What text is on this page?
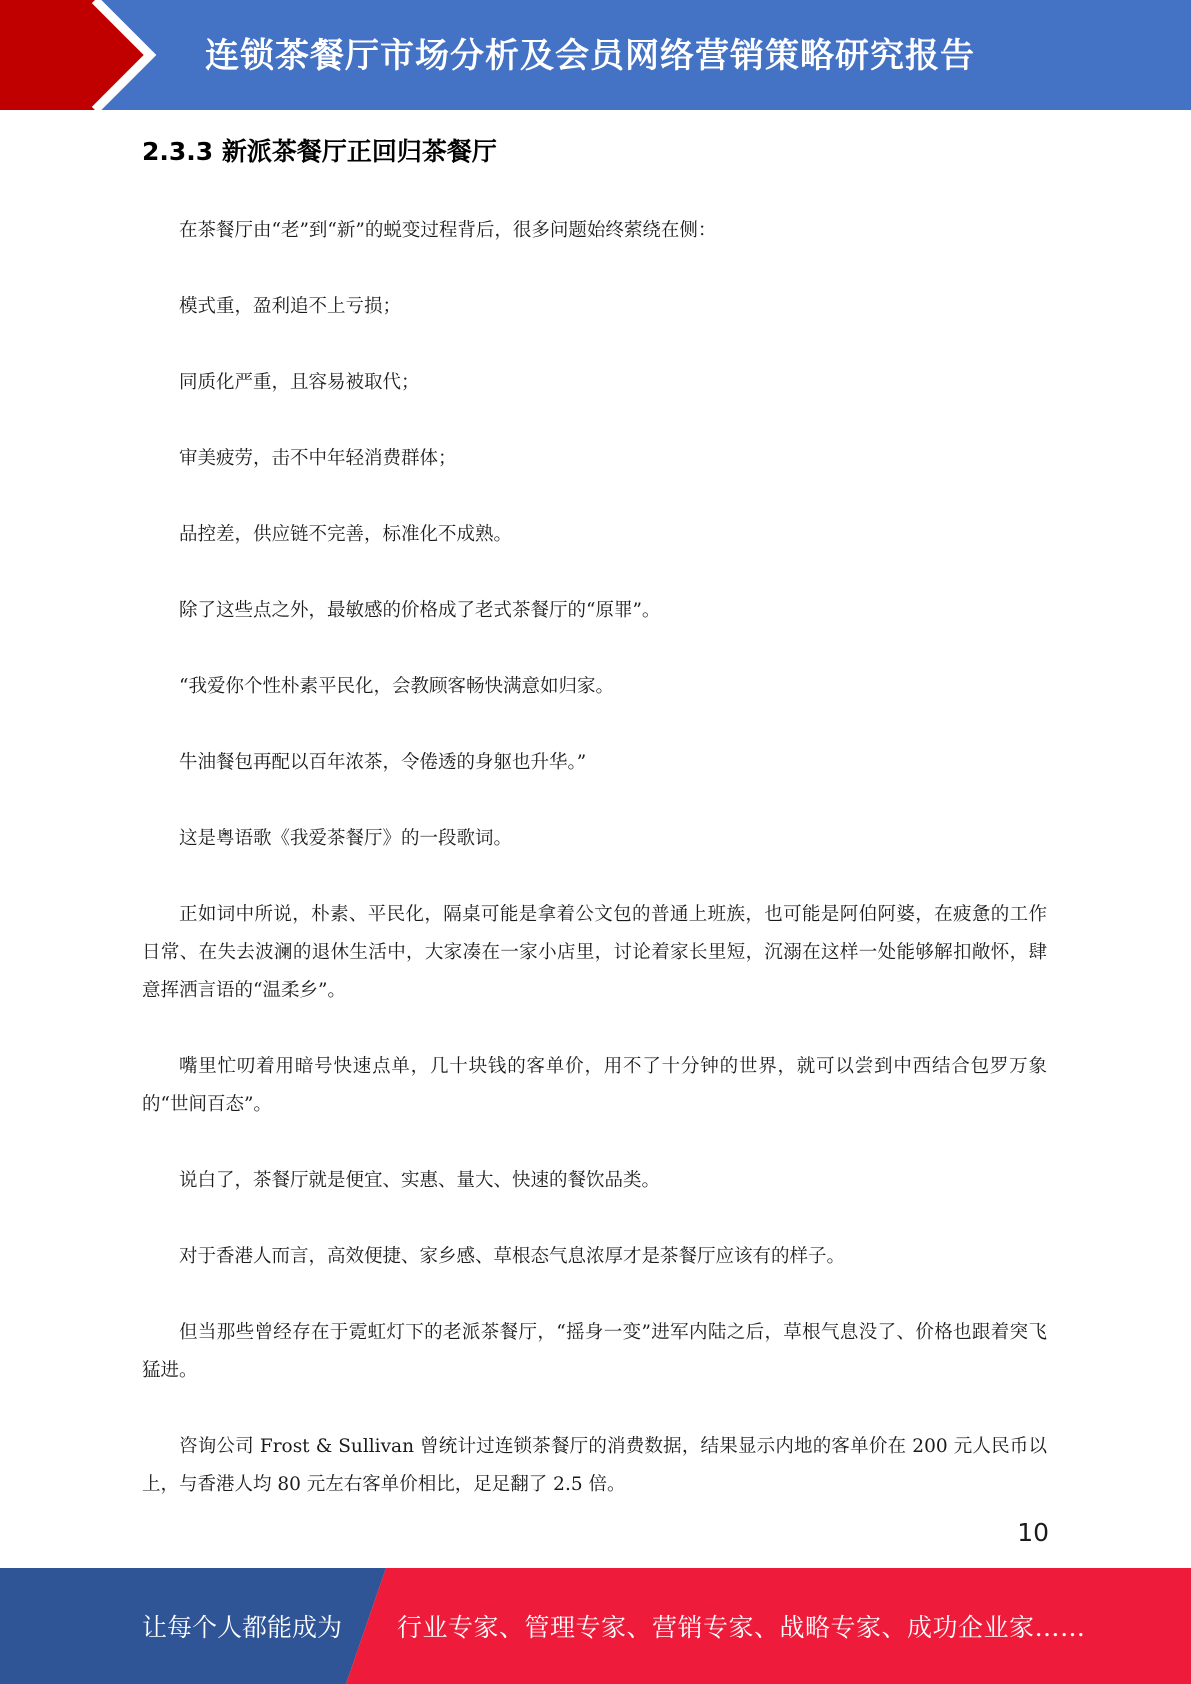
连锁茶餐厅市场分析及会员网络营销策略研究报告
2.3.3 新派茶餐厅正回归茶餐厅

在茶餐厅由“老”到“新”的蜕变过程背后，很多问题始终萦绕在侧：

模式重，盈利追不上亏损；

同质化严重，且容易被取代；

审美疲劳，击不中年轻消费群体；

品控差，供应链不完善，标准化不成熟。

除了这些点之外，最敏感的价格成了老式茶餐厅的“原罪”。

“我爱你个性朴素平民化，会教顾客畅快满意如归家。

牛油餐包再配以百年浓茶，令倦透的身躯也升华。”

这是粤语歌《我爱茶餐厅》的一段歌词。

正如词中所说，朴素、平民化，隔桌可能是拿着公文包的普通上班族，也可能是阿伯阿婆，在疲惫的工作日常、在失去波澜的退休生活中，大家凑在一家小店里，讨论着家长里短，沉溺在这样一处能够解扣敞怀，肆意挥洒言语的“温柔乡”。

嘴里忙叨着用暗号快速点单，几十块钱的客单价，用不了十分钟的世界，就可以尝到中西结合包罗万象的“世间百态”。

说白了，茶餐厅就是便宜、实惠、量大、快速的餐饮品类。

对于香港人而言，高效便捷、家乡感、草根态气息浓厚才是茶餐厅应该有的样子。

但当那些曾经存在于霓虹灯下的老派茶餐厅，“摇身一变”进军内陆之后，草根气息没了、价格也跟着突飞猛进。

咨询公司 Frost & Sullivan 曾统计过连锁茶餐厅的消费数据，结果显示内地的客单价在 200 元人民币以上，与香港人均 80 元左右客单价相比，足足翻了 2.5 倍。

10
让每个人都能成为 行业专家、管理专家、营销专家、战略专家、成功企业家……
